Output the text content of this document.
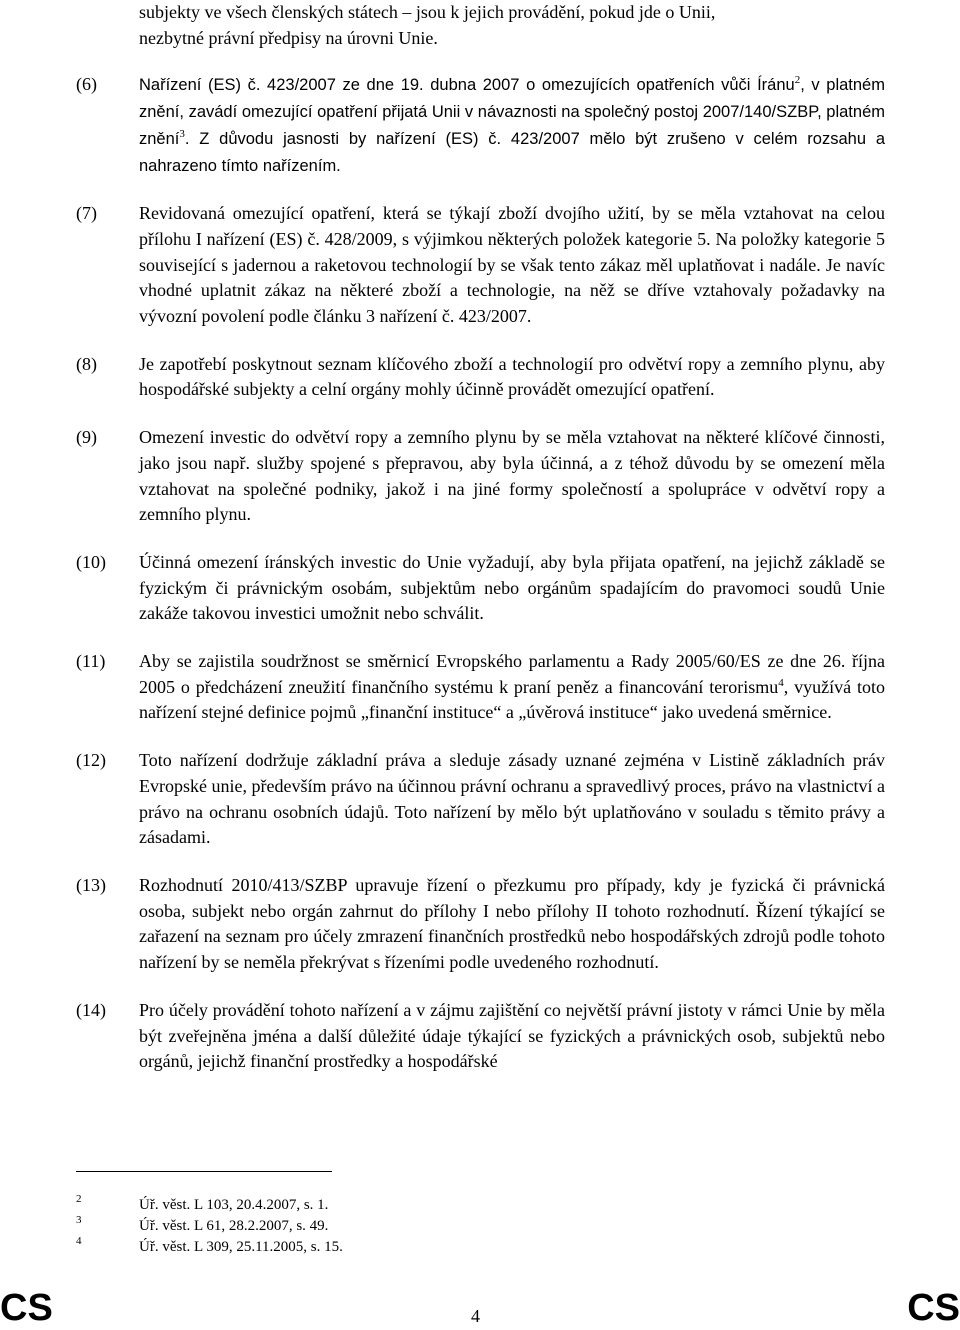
subjekty ve všech členských státech – jsou k jejich provádění, pokud jde o Unii,
nezbytné právní předpisy na úrovni Unie.
(6)	Nařízení (ES) č. 423/2007 ze dne 19. dubna 2007 o omezujících opatřeních vůči Íránu$^2$, v platném znění, zavádí omezující opatření přijatá Unii v návaznosti na společný postoj 2007/140/SZBP, platném znění$^3$. Z důvodu jasnosti by nařízení (ES) č. 423/2007 mělo být zrušeno v celém rozsahu a nahrazeno tímto nařízením.
(7) Revidovaná omezující opatření, která se týkají zboží dvojího užití, by se měla vztahovat na celou přílohu I nařízení (ES) č. 428/2009, s výjimkou některých položek kategorie 5. Na položky kategorie 5 související s jadernou a raketovou technologií by se však tento zákaz měl uplatňovat i nadále. Je navíc vhodné uplatnit zákaz na některé zboží a technologie, na něž se dříve vztahovaly požadavky na vývozní povolení podle článku 3 nařízení č. 423/2007.
(8) Je zapotřebí poskytnout seznam klíčového zboží a technologií pro odvětví ropy a zemního plynu, aby hospodářské subjekty a celní orgány mohly účinně provádět omezující opatření.
(9) Omezení investic do odvětví ropy a zemního plynu by se měla vztahovat na některé klíčové činnosti, jako jsou např. služby spojené s přepravou, aby byla účinná, a z téhož důvodu by se omezení měla vztahovat na společné podniky, jakož i na jiné formy společností a spolupráce v odvětví ropy a zemního plynu.
(10) Účinná omezení íránských investic do Unie vyžadují, aby byla přijata opatření, na jejichž základě se fyzickým či právnickým osobám, subjektům nebo orgánům spadajícím do pravomoci soudů Unie zakáže takovou investici umožnit nebo schválit.
(11) Aby se zajistila soudržnost se směrnicí Evropského parlamentu a Rady 2005/60/ES ze dne 26. října 2005 o předcházení zneužití finančního systému k praní peněz a financování terorismu$^4$, využívá toto nařízení stejné definice pojmů „finanční instituce“ a „úvěrová instituce“ jako uvedená směrnice.
(12) Toto nařízení dodržuje základní práva a sleduje zásady uznané zejména v Listině základních práv Evropské unie, především právo na účinnou právní ochranu a spravedlivý proces, právo na vlastnictví a právo na ochranu osobních údajů. Toto nařízení by mělo být uplatňováno v souladu s těmito právy a zásadami.
(13) Rozhodnutí 2010/413/SZBP upravuje řízení o přezkumu pro případy, kdy je fyzická či právnická osoba, subjekt nebo orgán zahrnut do přílohy I nebo přílohy II tohoto rozhodnutí. Řízení týkající se zařazení na seznam pro účely zmrazení finančních prostředků nebo hospodářských zdrojů podle tohoto nařízení by se neměla překrývat s řízeními podle uvedeného rozhodnutí.
(14) Pro účely provádění tohoto nařízení a v zájmu zajištění co největší právní jistoty v rámci Unie by měla být zveřejněna jména a další důležité údaje týkající se fyzických a právnických osob, subjektů nebo orgánů, jejichž finanční prostředky a hospodářské
2	Úř. věst. L 103, 20.4.2007, s. 1.
3	Úř. věst. L 61, 28.2.2007, s. 49.
4	Úř. věst. L 309, 25.11.2005, s. 15.
CS	4	CS
